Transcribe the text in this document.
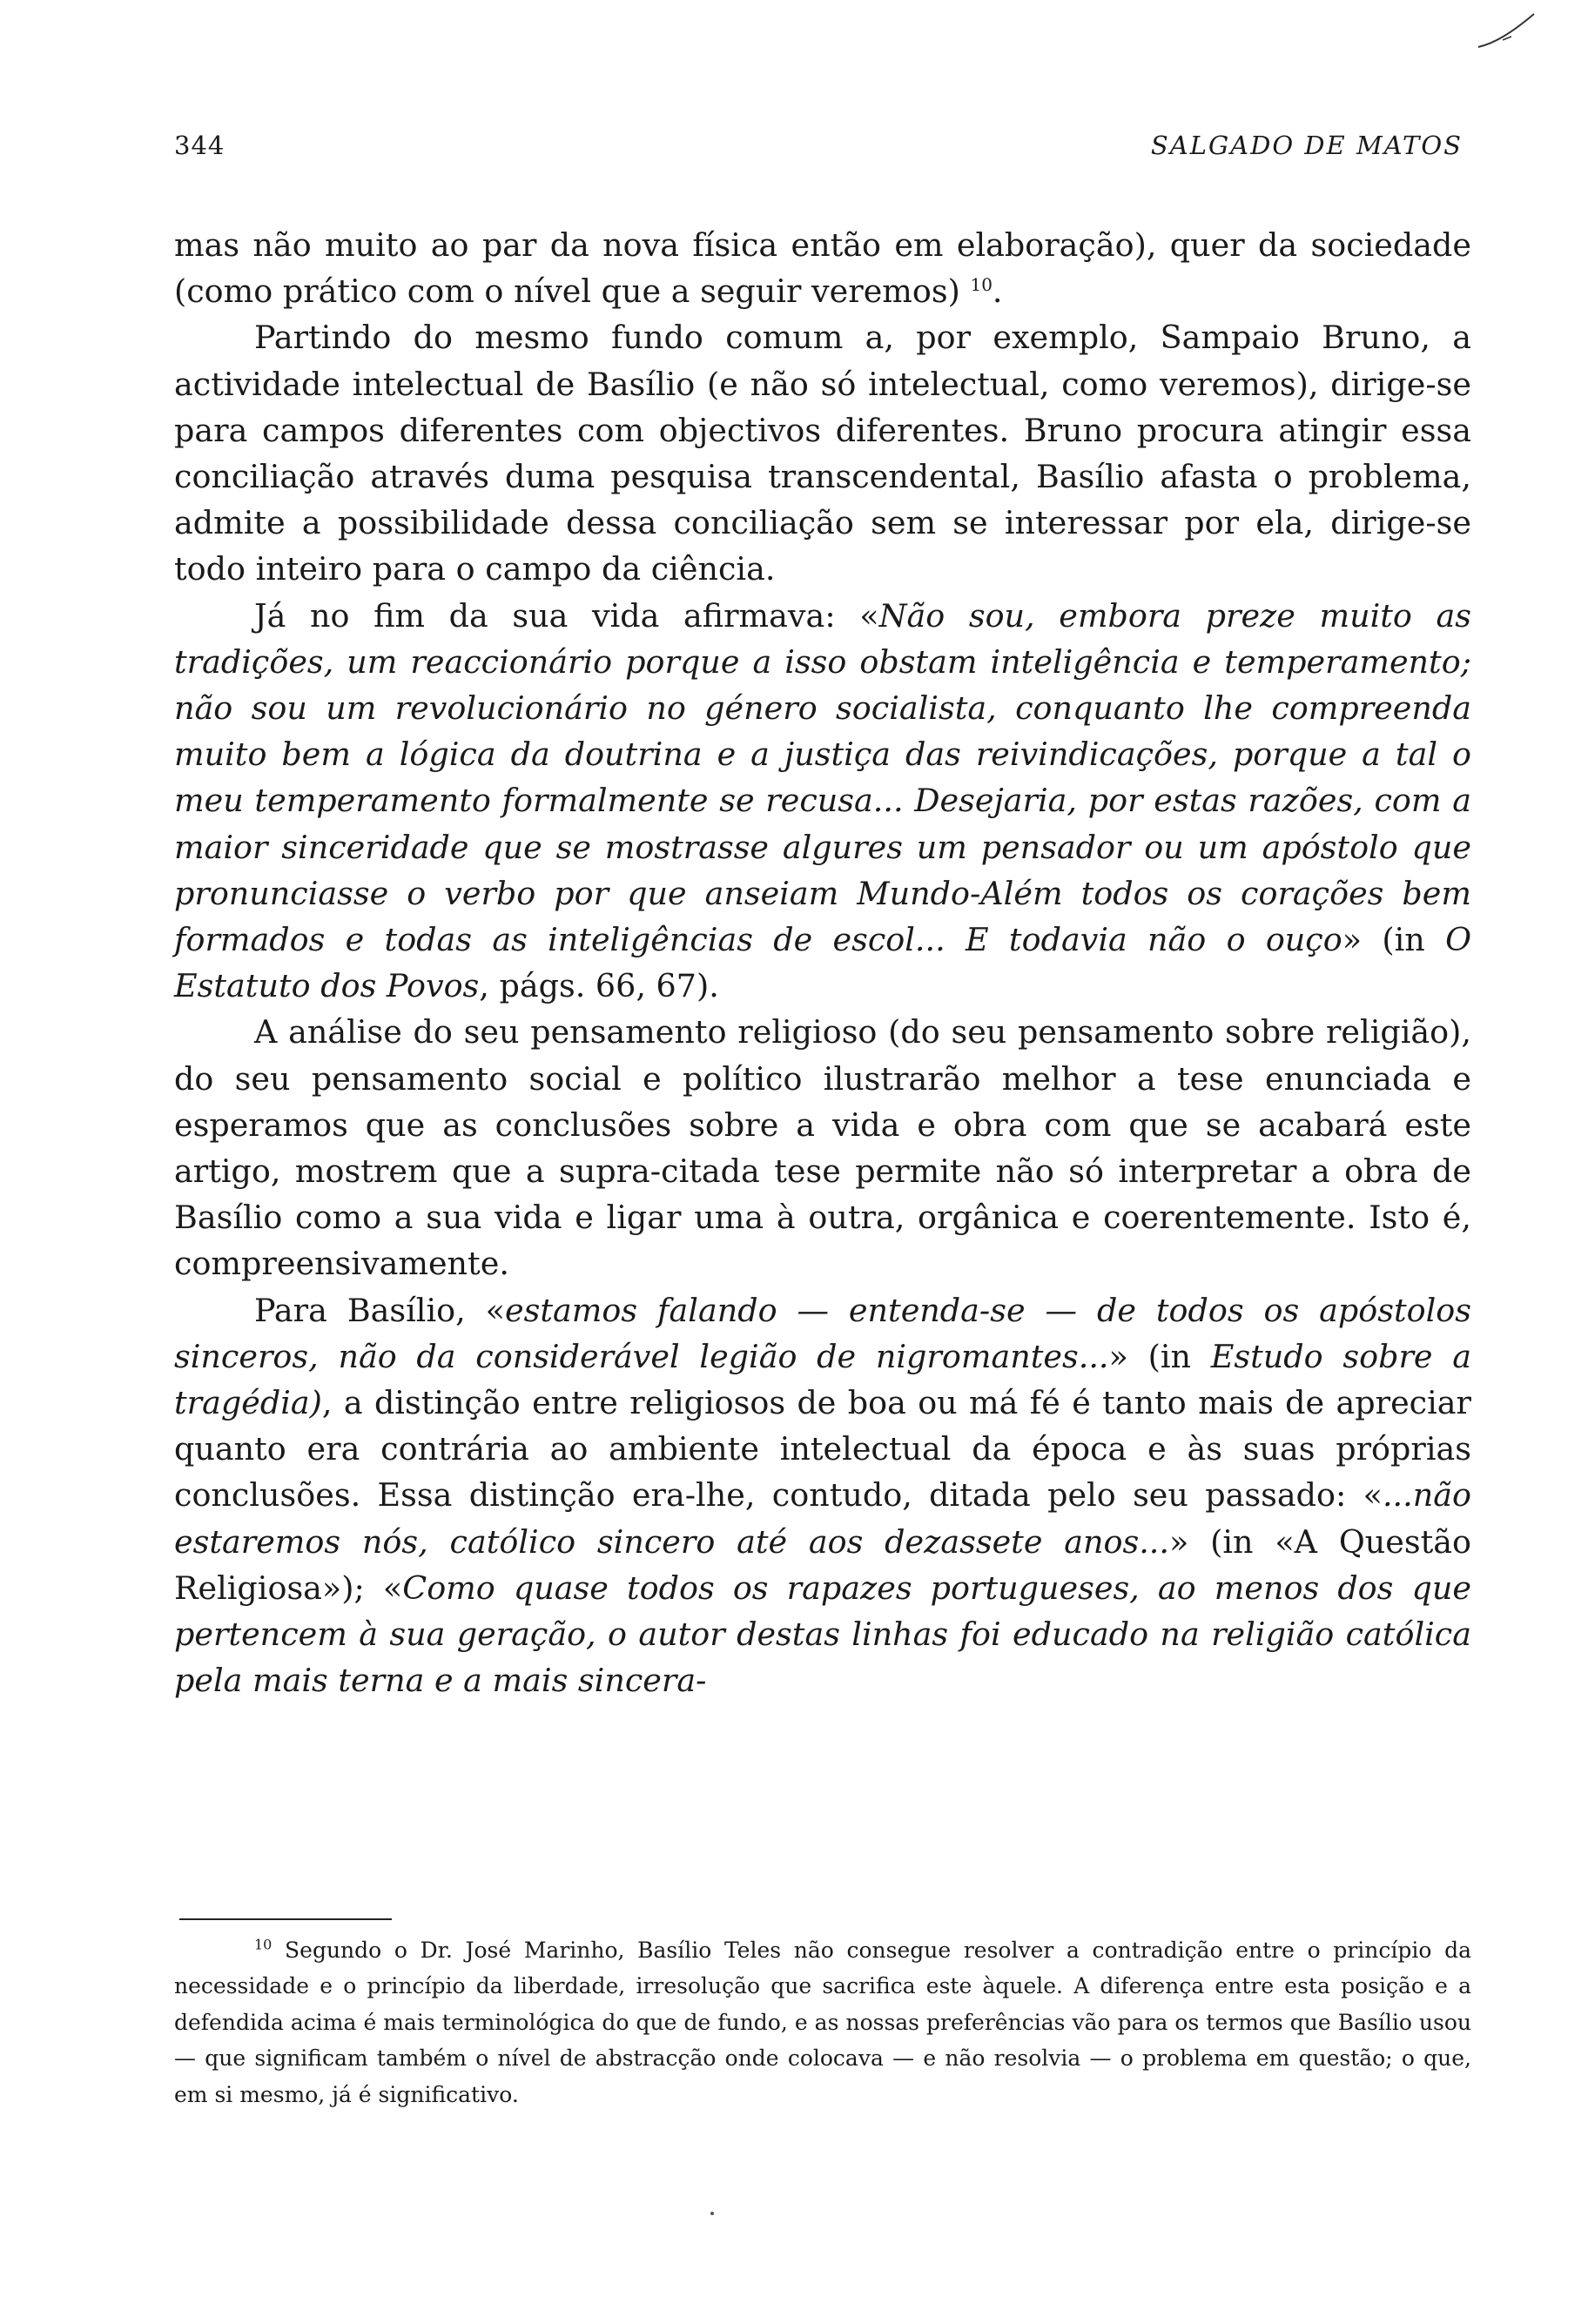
344	SALGADO DE MATOS

mas não muito ao par da nova física então em elaboração), quer da sociedade (como prático com o nível que a seguir veremos) $^{10}$.

Partindo do mesmo fundo comum a, por exemplo, Sampaio Bruno, a actividade intelectual de Basílio (e não só intelectual, como veremos), dirige-se para campos diferentes com objectivos diferentes. Bruno procura atingir essa conciliação através duma pesquisa transcendental, Basílio afasta o problema, admite a possibilidade dessa conciliação sem se interessar por ela, dirige-se todo inteiro para o campo da ciência.

Já no fim da sua vida afirmava: «Não sou, embora preze muito as tradições, um reaccionário porque a isso obstam inteligência e temperamento; não sou um revolucionário no género socialista, conquanto lhe compreenda muito bem a lógica da doutrina e a justiça das reivindicações, porque a tal o meu temperamento formalmente se recusa... Desejaria, por estas razões, com a maior sinceridade que se mostrasse algures um pensador ou um apóstolo que pronunciasse o verbo por que anseiam Mundo-Além todos os corações bem formados e todas as inteligências de escol... E todavia não o ouço» (in O Estatuto dos Povos, págs. 66, 67).

A análise do seu pensamento religioso (do seu pensamento sobre religião), do seu pensamento social e político ilustrarão melhor a tese enunciada e esperamos que as conclusões sobre a vida e obra com que se acabará este artigo, mostrem que a supra-citada tese permite não só interpretar a obra de Basílio como a sua vida e ligar uma à outra, orgânica e coerentemente. Isto é, compreensivamente.

Para Basílio, «estamos falando — entenda-se — de todos os apóstolos sinceros, não da considerável legião de nigromantes...» (in Estudo sobre a tragédia), a distinção entre religiosos de boa ou má fé é tanto mais de apreciar quanto era contrária ao ambiente intelectual da época e às suas próprias conclusões. Essa distinção era-lhe, contudo, ditada pelo seu passado: «...não estaremos nós, católico sincero até aos dezassete anos...» (in «A Questão Religiosa»); «Como quase todos os rapazes portugueses, ao menos dos que pertencem à sua geração, o autor destas linhas foi educado na religião católica pela mais terna e a mais sincera-

$^{10}$ Segundo o Dr. José Marinho, Basílio Teles não consegue resolver a contradição entre o princípio da necessidade e o princípio da liberdade, irresolução que sacrifica este àquele. A diferença entre esta posição e a defendida acima é mais terminológica do que de fundo, e as nossas preferências vão para os termos que Basílio usou — que significam também o nível de abstracção onde colocava — e não resolvia — o problema em questão; o que, em si mesmo, já é significativo.
